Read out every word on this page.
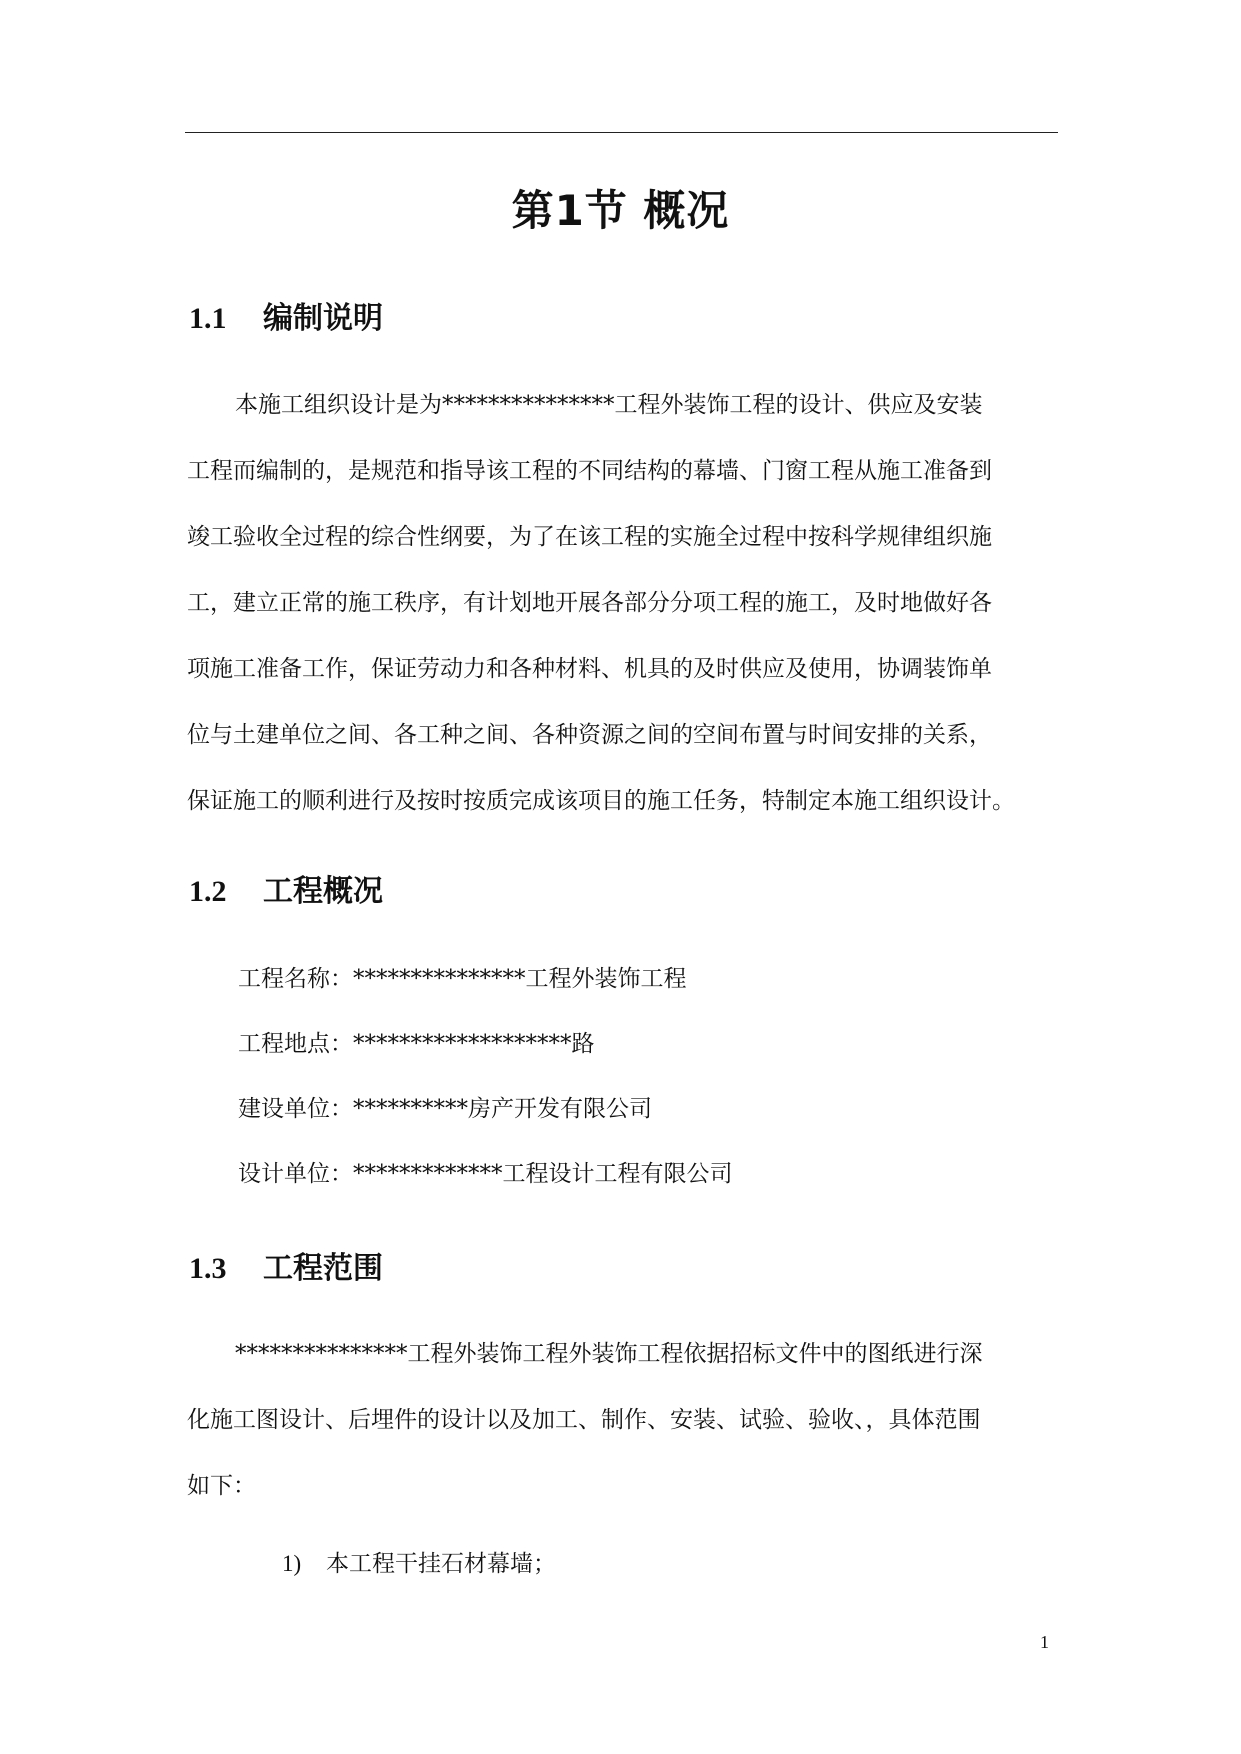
第1节 概况
1.1 编制说明
本施工组织设计是为***************工程外装饰工程的设计、供应及安装
工程而编制的，是规范和指导该工程的不同结构的幕墙、门窗工程从施工准备到
竣工验收全过程的综合性纲要，为了在该工程的实施全过程中按科学规律组织施
工，建立正常的施工秩序，有计划地开展各部分分项工程的施工，及时地做好各
项施工准备工作，保证劳动力和各种材料、机具的及时供应及使用，协调装饰单
位与土建单位之间、各工种之间、各种资源之间的空间布置与时间安排的关系，
保证施工的顺利进行及按时按质完成该项目的施工任务，特制定本施工组织设计。
1.2 工程概况
工程名称：***************工程外装饰工程
工程地点：*******************路
建设单位：**********房产开发有限公司
设计单位：*************工程设计工程有限公司
1.3 工程范围
***************工程外装饰工程外装饰工程依据招标文件中的图纸进行深
化施工图设计、后埋件的设计以及加工、制作、安装、试验、验收、，具体范围
如下：
1) 本工程干挂石材幕墙；
1
